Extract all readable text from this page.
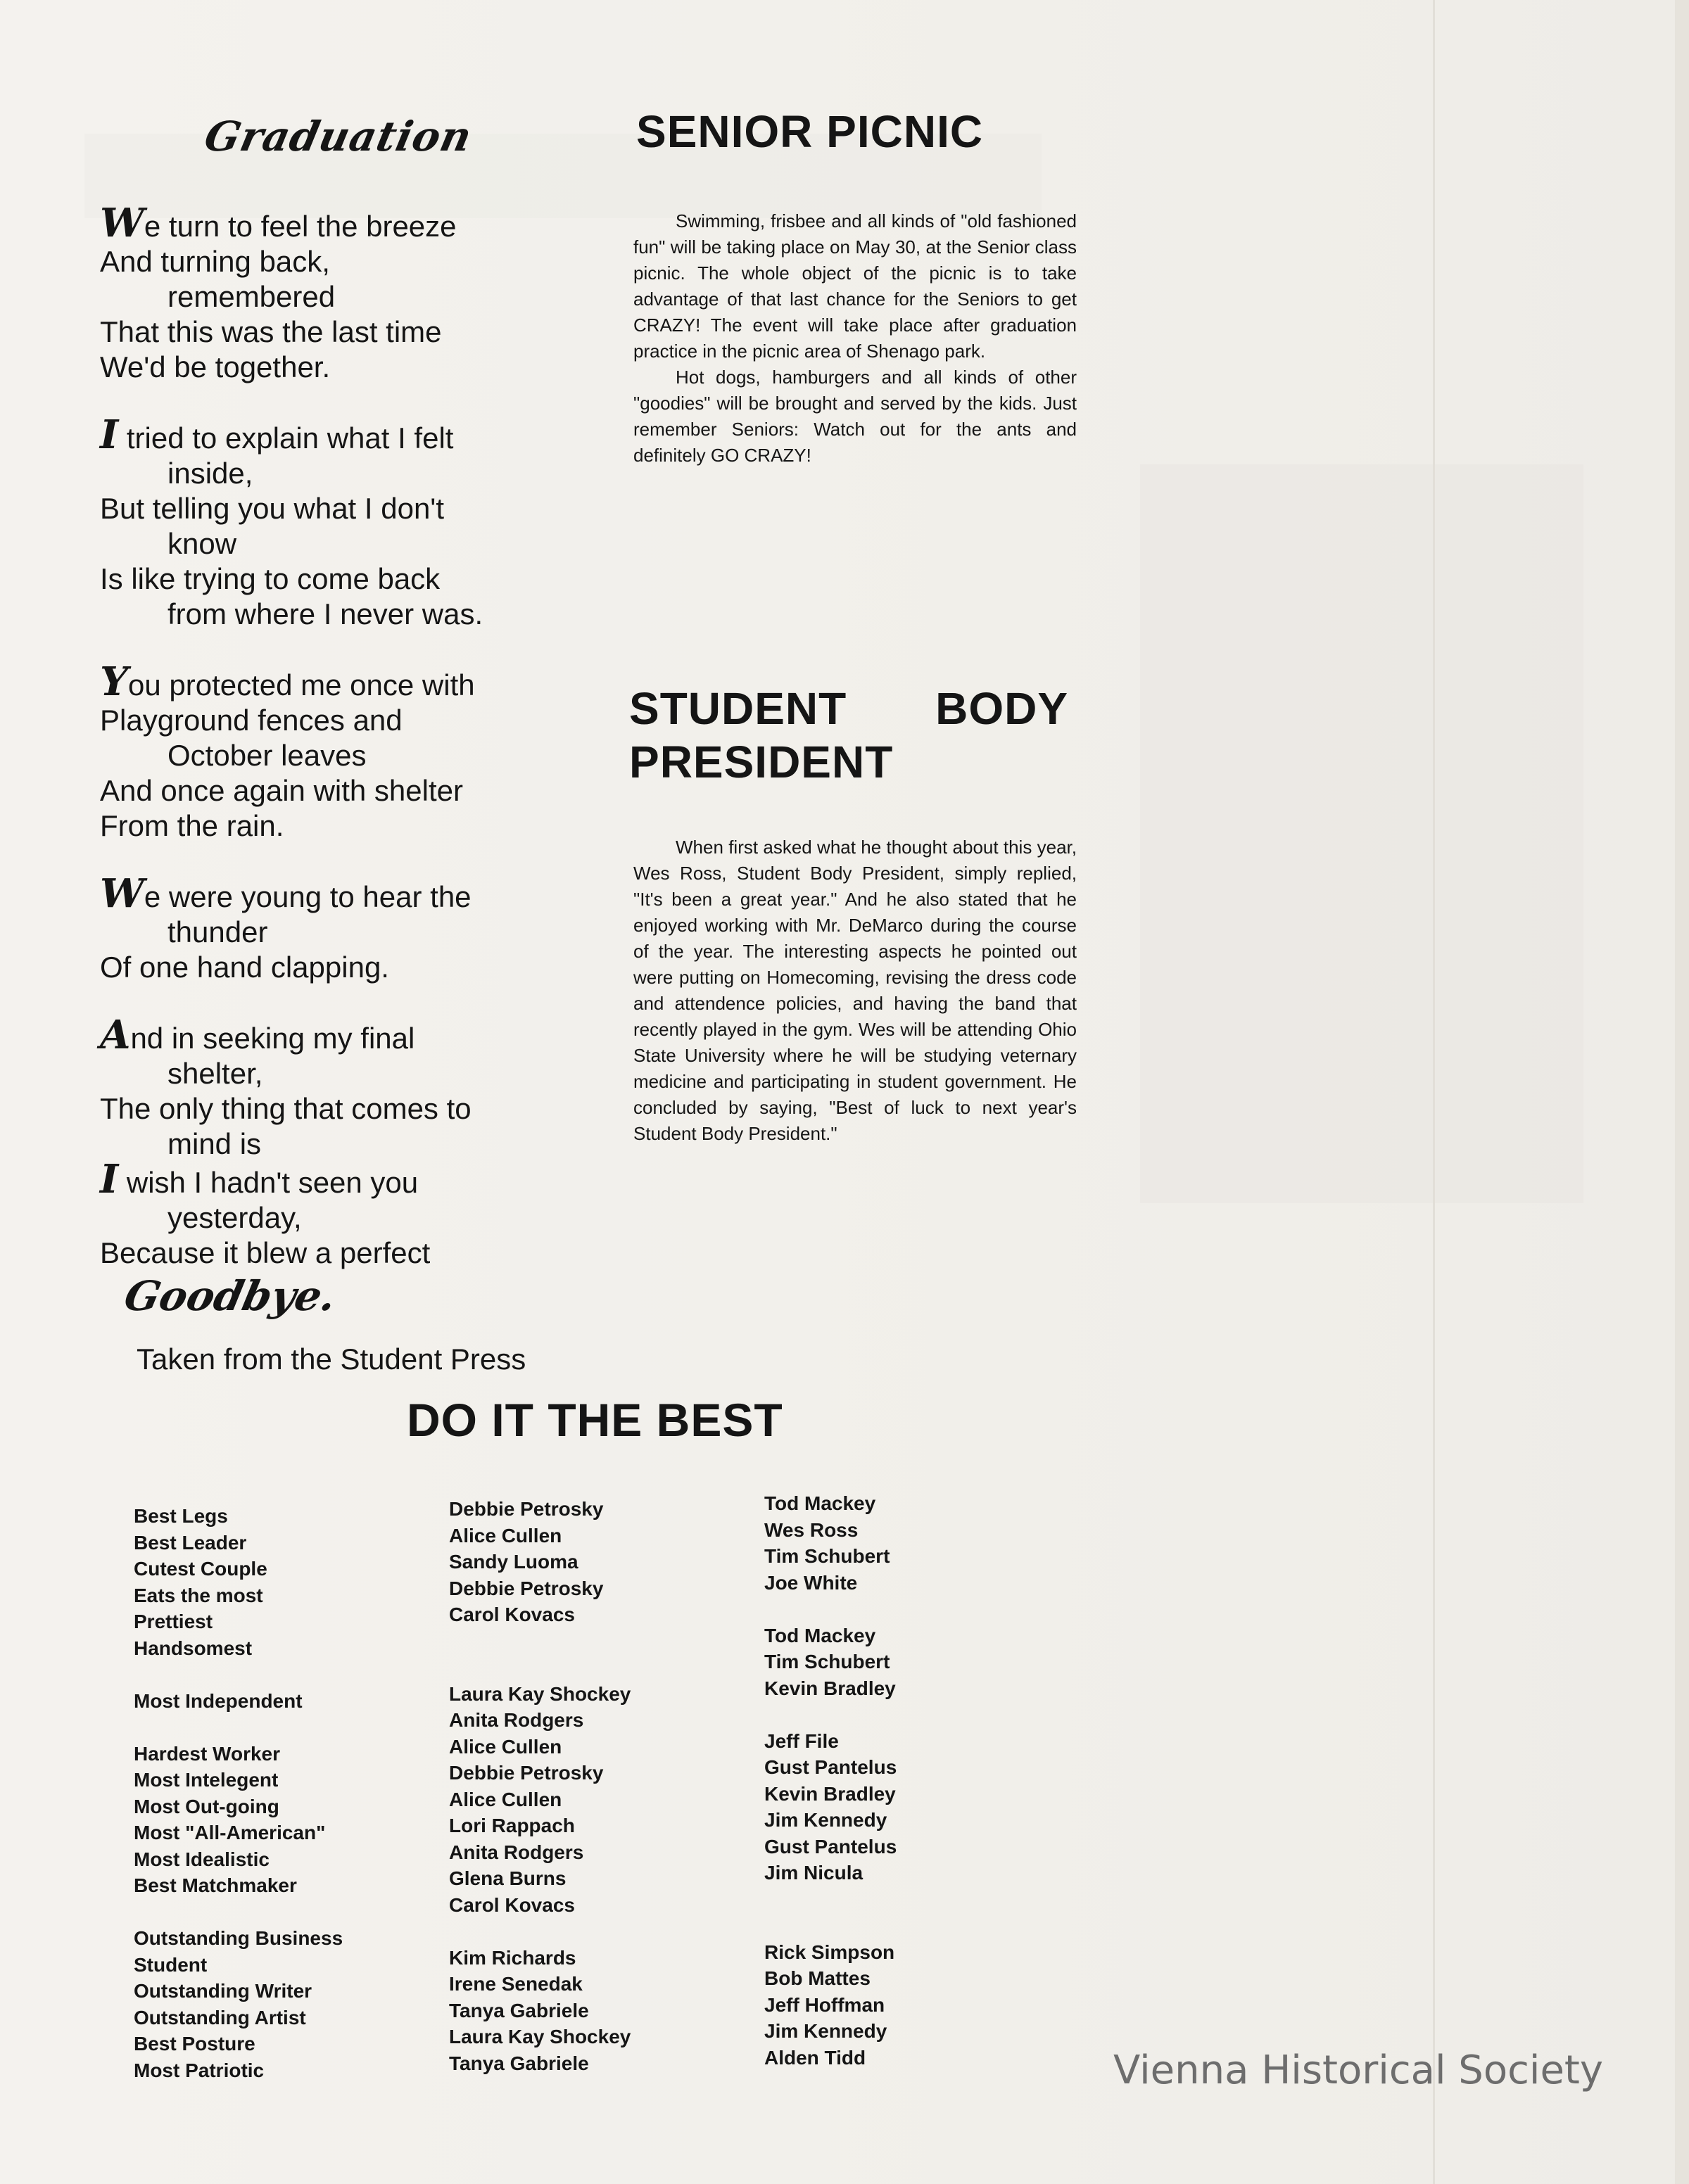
Graduation
We turn to feel the breeze
And turning back,
remembered
That this was the last time
We'd be together.
I tried to explain what I felt
inside,
But telling you what I don't
know
Is like trying to come back
from where I never was.
You protected me once with
Playground fences and
October leaves
And once again with shelter
From the rain.
We were young to hear the
thunder
Of one hand clapping.
And in seeking my final
shelter,
The only thing that comes to
mind is
I wish I hadn't seen you
yesterday,
Because it blew a perfect
Goodbye.
Taken from the Student Press
SENIOR PICNIC

Swimming, frisbee and all kinds of "old fashioned fun" will be taking place on May 30, at the Senior class picnic. The whole object of the picnic is to take advantage of that last chance for the Seniors to get CRAZY! The event will take place after graduation practice in the picnic area of Shenago park.

Hot dogs, hamburgers and all kinds of other "goodies" will be brought and served by the kids. Just remember Seniors: Watch out for the ants and definitely GO CRAZY!

STUDENT BODY
PRESIDENT

When first asked what he thought about this year, Wes Ross, Student Body President, simply replied, "It's been a great year." And he also stated that he enjoyed working with Mr. DeMarco during the course of the year. The interesting aspects he pointed out were putting on Homecoming, revising the dress code and attendence policies, and having the band that recently played in the gym. Wes will be attending Ohio State University where he will be studying veternary medicine and participating in student government. He concluded by saying, "Best of luck to next year's Student Body President."

DO IT THE BEST
Best Legs
Best Leader
Cutest Couple
Eats the most
Prettiest
Handsomest
Most Independent
Hardest Worker
Most Intelegent
Most Out-going
Most "All-American"
Most Idealistic
Best Matchmaker
Outstanding Business
Student
Outstanding Writer
Outstanding Artist
Best Posture
Most Patriotic
Debbie Petrosky
Alice Cullen
Sandy Luoma
Debbie Petrosky
Carol Kovacs
Laura Kay Shockey
Anita Rodgers
Alice Cullen
Debbie Petrosky
Alice Cullen
Lori Rappach
Anita Rodgers
Glena Burns
Carol Kovacs
Kim Richards
Irene Senedak
Tanya Gabriele
Laura Kay Shockey
Tanya Gabriele
Tod Mackey
Wes Ross
Tim Schubert
Joe White
Tod Mackey
Tim Schubert
Kevin Bradley
Jeff File
Gust Pantelus
Kevin Bradley
Jim Kennedy
Gust Pantelus
Jim Nicula
Rick Simpson
Bob Mattes
Jeff Hoffman
Jim Kennedy
Alden Tidd	Vienna Historical Society
